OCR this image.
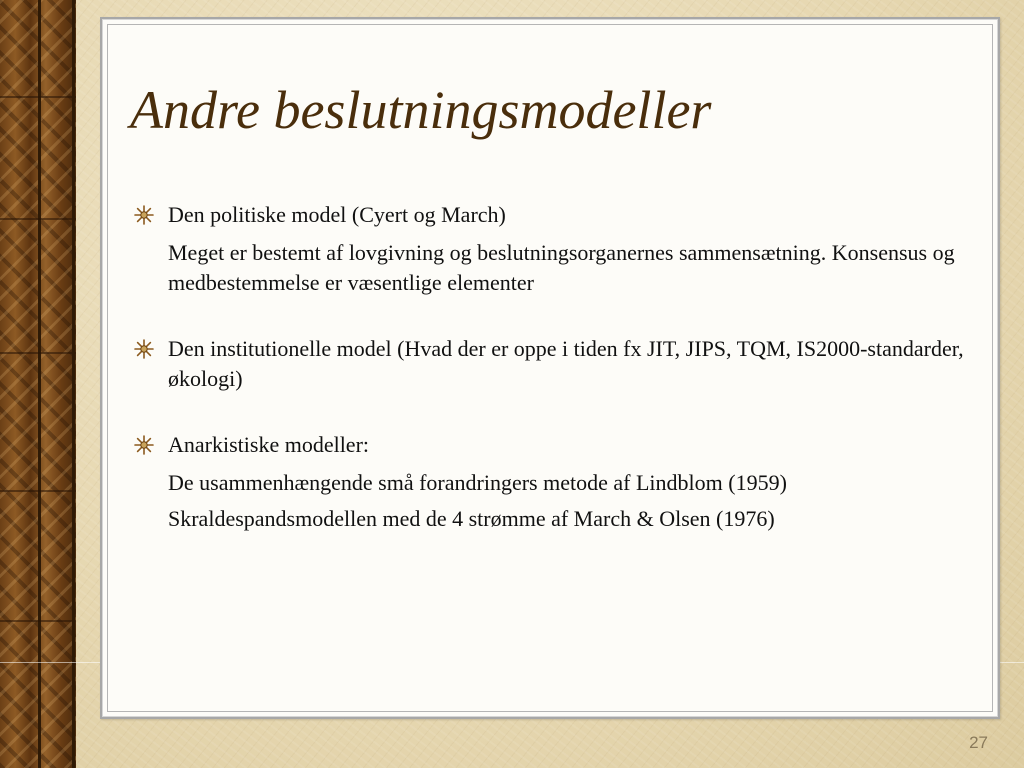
Andre beslutningsmodeller

Den politiske model (Cyert og March)

Meget er bestemt af lovgivning og beslutningsorganernes sammensætning. Konsensus og medbestemmelse er væsentlige elementer

Den institutionelle model (Hvad der er oppe i tiden fx JIT, JIPS, TQM, IS2000-standarder, økologi)

Anarkistiske modeller:

De usammenhængende små forandringers metode af Lindblom (1959)

Skraldespandsmodellen med de 4 strømme af March & Olsen (1976)

27
